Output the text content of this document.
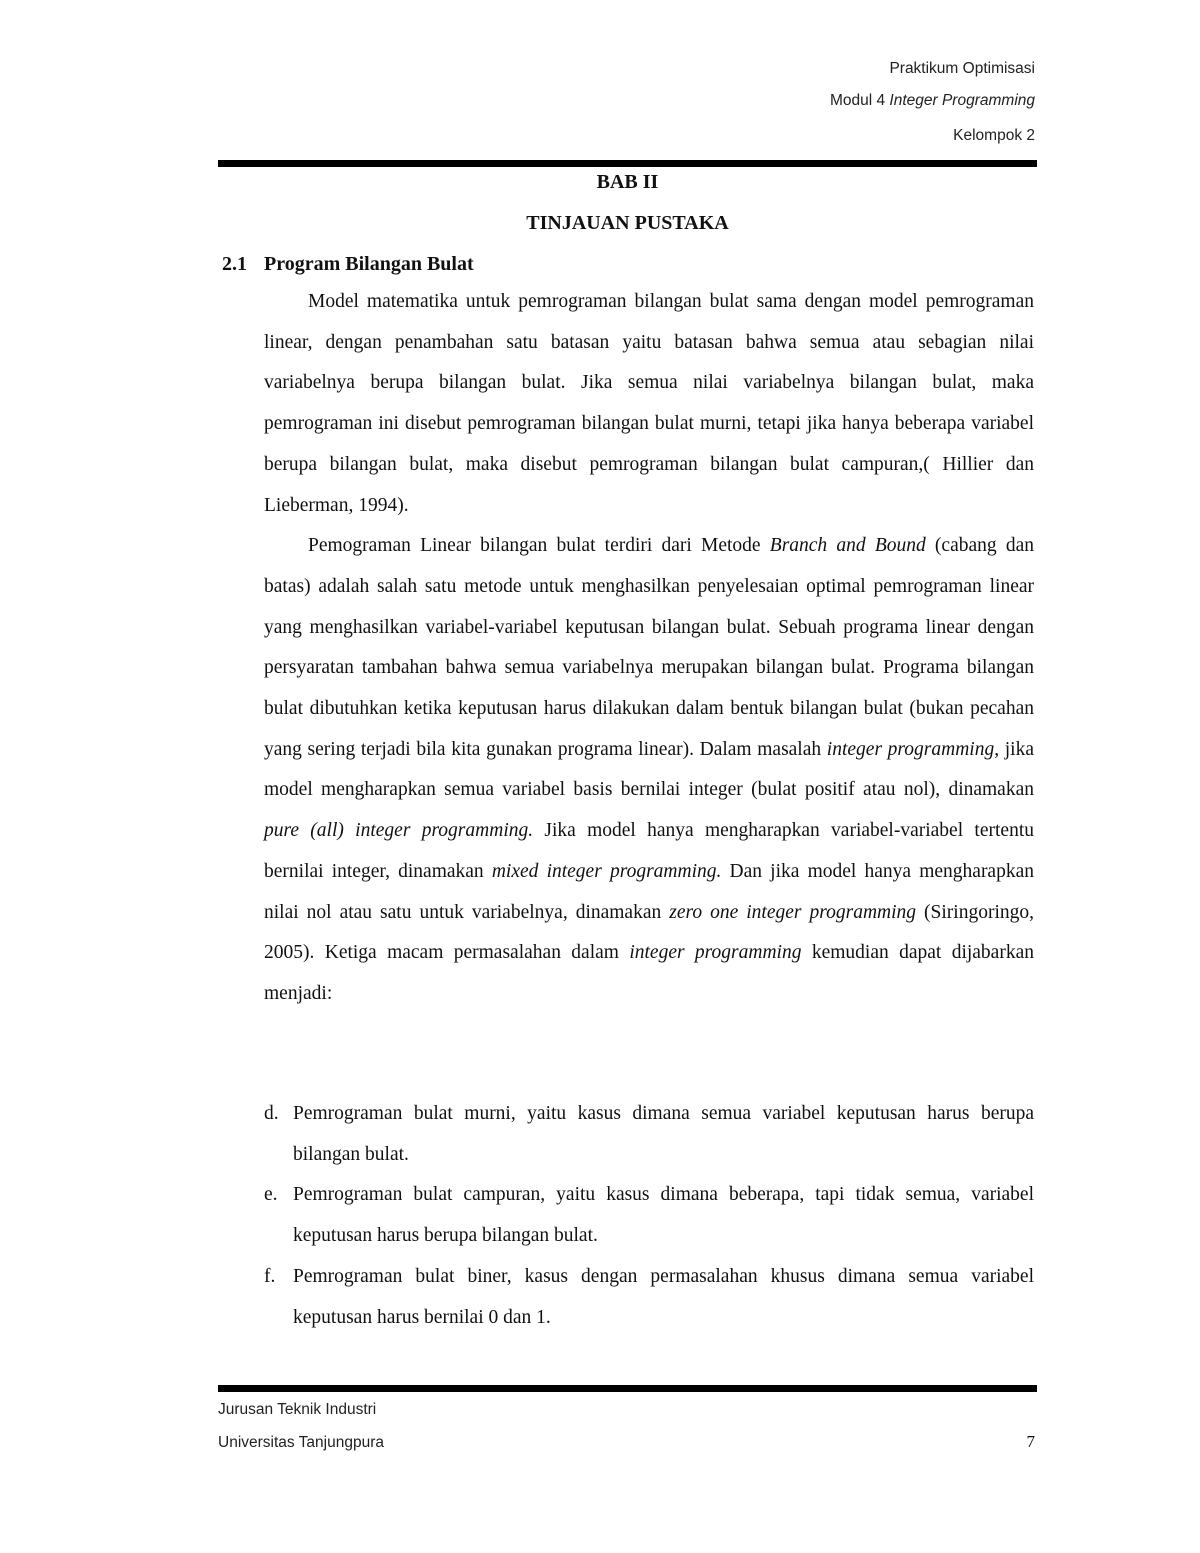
Praktikum Optimisasi
Modul 4 Integer Programming
Kelompok 2
BAB II
TINJAUAN PUSTAKA
2.1 Program Bilangan Bulat

Model matematika untuk pemrograman bilangan bulat sama dengan model pemrograman linear, dengan penambahan satu batasan yaitu batasan bahwa semua atau sebagian nilai variabelnya berupa bilangan bulat. Jika semua nilai variabelnya bilangan bulat, maka pemrograman ini disebut pemrograman bilangan bulat murni, tetapi jika hanya beberapa variabel berupa bilangan bulat, maka disebut pemrograman bilangan bulat campuran,( Hillier dan Lieberman, 1994).

Pemograman Linear bilangan bulat terdiri dari Metode Branch and Bound (cabang dan batas) adalah salah satu metode untuk menghasilkan penyelesaian optimal pemrograman linear yang menghasilkan variabel-variabel keputusan bilangan bulat. Sebuah programa linear dengan persyaratan tambahan bahwa semua variabelnya merupakan bilangan bulat. Programa bilangan bulat dibutuhkan ketika keputusan harus dilakukan dalam bentuk bilangan bulat (bukan pecahan yang sering terjadi bila kita gunakan programa linear). Dalam masalah integer programming, jika model mengharapkan semua variabel basis bernilai integer (bulat positif atau nol), dinamakan pure (all) integer programming. Jika model hanya mengharapkan variabel-variabel tertentu bernilai integer, dinamakan mixed integer programming. Dan jika model hanya mengharapkan nilai nol atau satu untuk variabelnya, dinamakan zero one integer programming (Siringoringo, 2005). Ketiga macam permasalahan dalam integer programming kemudian dapat dijabarkan menjadi:

d. Pemrograman bulat murni, yaitu kasus dimana semua variabel keputusan harus berupa bilangan bulat.
e. Pemrograman bulat campuran, yaitu kasus dimana beberapa, tapi tidak semua, variabel keputusan harus berupa bilangan bulat.
f. Pemrograman bulat biner, kasus dengan permasalahan khusus dimana semua variabel keputusan harus bernilai 0 dan 1.
Jurusan Teknik Industri
Universitas Tanjungpura	7
